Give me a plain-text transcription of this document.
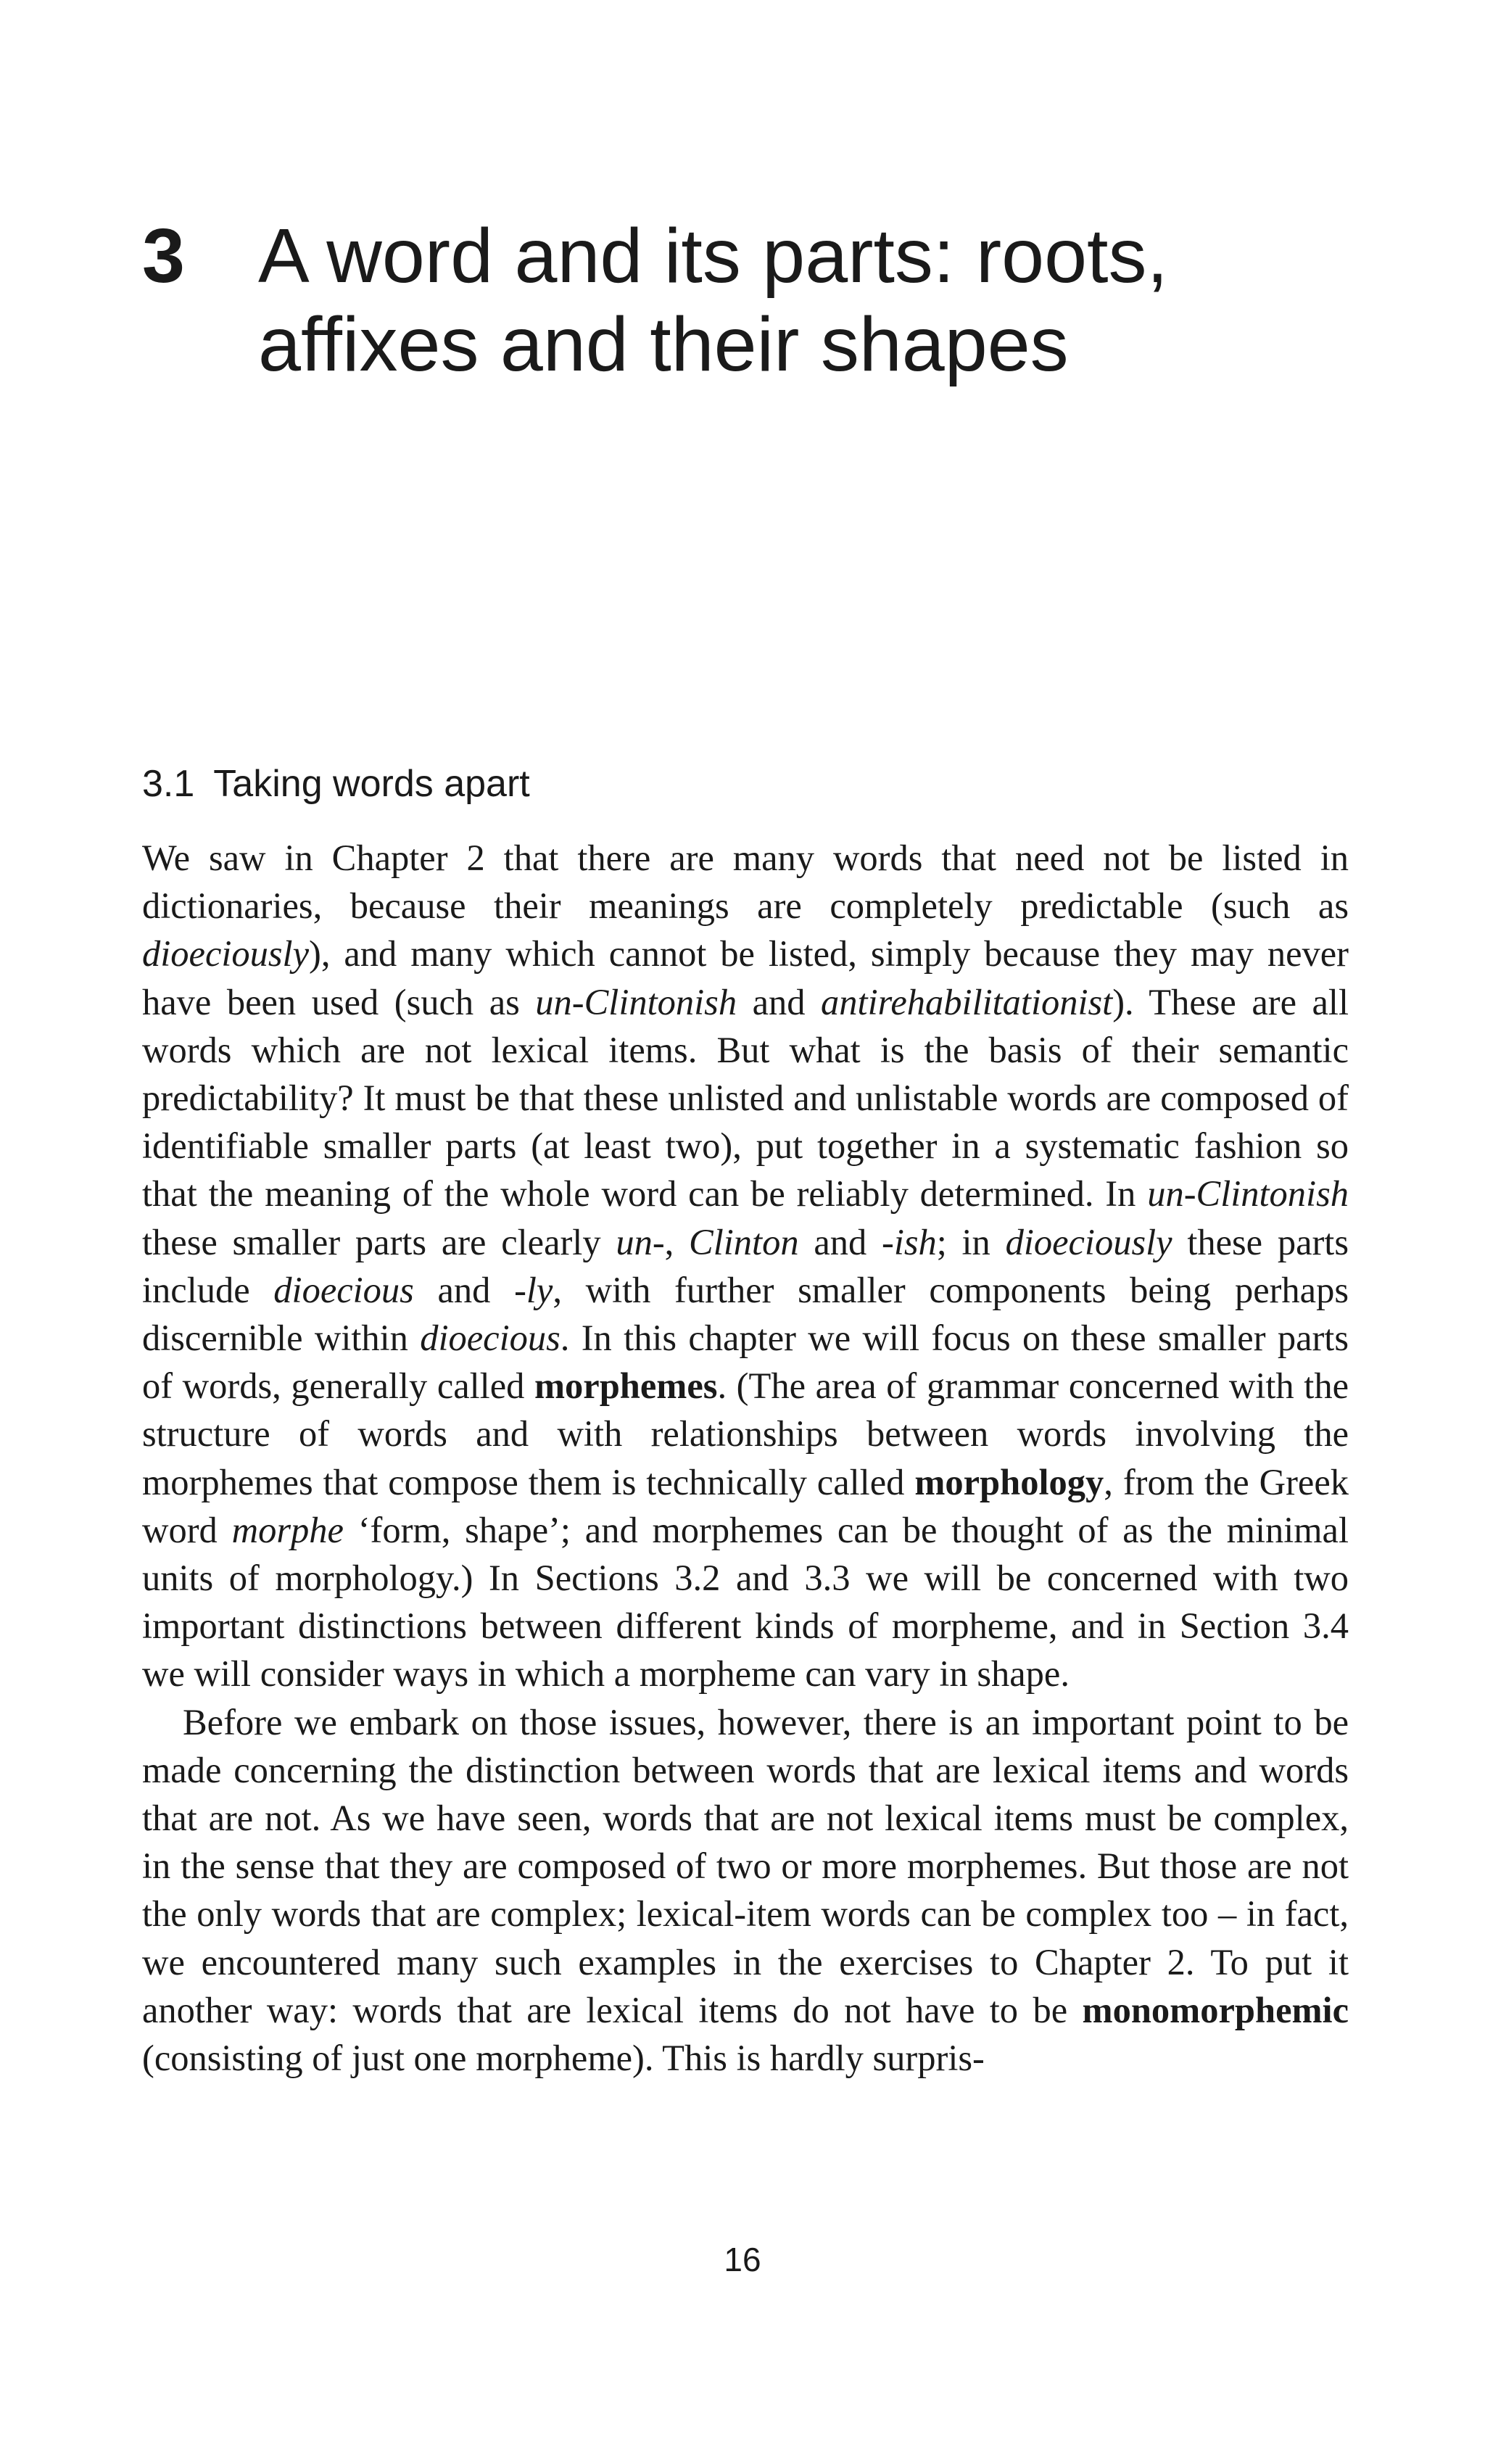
3 A word and its parts: roots, affixes and their shapes
3.1 Taking words apart

We saw in Chapter 2 that there are many words that need not be listed in dictionaries, because their meanings are completely predictable (such as dioeciously), and many which cannot be listed, simply because they may never have been used (such as un-Clintonish and antirehabilitationist). These are all words which are not lexical items. But what is the basis of their semantic predictability? It must be that these unlisted and unlistable words are composed of identifiable smaller parts (at least two), put together in a systematic fashion so that the meaning of the whole word can be reliably determined. In un-Clintonish these smaller parts are clearly un-, Clinton and -ish; in dioeciously these parts include dioecious and -ly, with further smaller components being perhaps discernible within dioecious. In this chapter we will focus on these smaller parts of words, generally called morphemes. (The area of grammar concerned with the structure of words and with relationships between words involving the morphemes that compose them is technically called morphology, from the Greek word morphe ‘form, shape’; and morphemes can be thought of as the minimal units of morphology.) In Sections 3.2 and 3.3 we will be concerned with two important distinctions between different kinds of morpheme, and in Section 3.4 we will consider ways in which a morpheme can vary in shape.

Before we embark on those issues, however, there is an important point to be made concerning the distinction between words that are lexical items and words that are not. As we have seen, words that are not lexical items must be complex, in the sense that they are composed of two or more morphemes. But those are not the only words that are complex; lexical-item words can be complex too – in fact, we encountered many such examples in the exercises to Chapter 2. To put it another way: words that are lexical items do not have to be monomorphemic (consisting of just one morpheme). This is hardly surpris-

16
